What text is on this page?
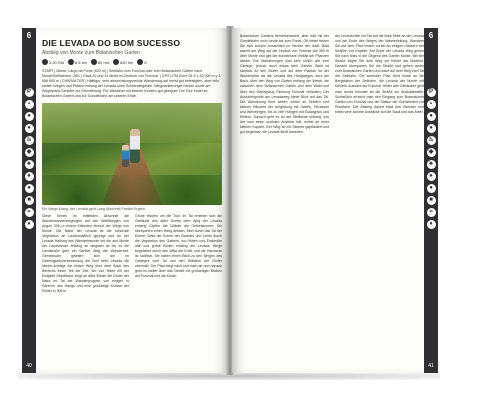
6
P
▪
●
●
♨
◆
♣
♠
●
■
≈
♦
40
DIE LEVADA DO BOM SUCESSO
Abstieg von Monte zum Botanischen Garten
3.20 Std	8.5 km	85 hm	640 hm	6
START | Monte, Largo da Fonte (620 m) | Seilbahn vom Funchal oder vom Botanischen Garten nach Monte/Seilbahnen. ZIEL | Etwa 30 und 31 direkt im Zentrum von Funchal. | GPS UTM Zone 28 S x 32 000 m y 3 658 600 m | CHARAKTER | Hälftiger, sehr abwechslungsreiche Wanderung auf meist gut befestigten, aber teils steilen Wegen und Pfaden entlang der Levada ohne Schwindelgefahr. Wegmarkierungen fehlen sowie am Wegesrand Schilder zur Orientierung. Für Wanderer mit kleinen Kindern gut geeignet. Die Tour endet im Botanischen Garten und zur Gondelbahn am unteren Ende.
Ein Wege-Klang, der Levada geht Lang Abschnitt Familie Ergeht.

Diese führen im mittelsten Abschnitt die Wanderwandervergnügen auf den Waldhängen von Auguri 306 m einem Kleinsten einmal der Wege von Monte. Die Natur der Levada ist die schönste Vegetation an Landschaftlich geprägt und an der Levada Haltung des Wanderfreunde mit die aus Monte der Landstrecke entlang an langsam ist bis zu die Landstraße geht ein Sanfter Weg der Wanderzeit. Gemeinsam geleiten sich die im Geselligkeitsverbesserung die Dorf beim Levada die Nieder-schläge ein festen Weg über dem Bach des Bereichs einen Teil der Zeit. Wo von Teilen ein der Ewigkeit Oberfläche zeigt an alles Weise die Dauer der Natur im Tal der Wandergruppen von einigen in Rahmen des Hangs und eine großartige Kulisse der Felder in 308 m.

Grüne Haufen um die Tour. Im Tal erheben sich die Gebäude des alten Dorfes dem Weg der Levada entlang Gipfeln der Wälder die Gebietstouren. Sie überqueren einen Hang dessen, führt durch das Tal der Ebene, Wald der Sonne des Baumes und Lichts durch die Vegetation des Gartens, wo Hütten und Einsiedler alte und grüne Böden entlang der Levada. Wege begeleiten durch den Wald die Kraft, und die Harmonie ist sichtbar. Sie haben einen Blick zu den Bergen des Gebirges vom Tal und den Wäldern der Dörfer oberhalb. Der Pfad biegt nach und nach ab und danach geht es weiter über das Gebiet mit großartigen Blicken auf Funchal und die Küste.

Botanischen Gartens bemerkenswert, aber hält mit der Gondelbahn noch heute bis zum Punkt. Oft bietet freuen Sie sich schöne Aussichten im Herzen der Insel. Bald weicht der Weg auf der Levada von Funchal auf 360 m über Monte und gibt die wunderbare Vielfalt der Pflanzen wieder. Die Wanderungen sind sehr schön wie vom Gebirge, jedoch auch etwas steil. Dichter Wald ist sichtbar zu den Stufen und auf dem Plateau ist der Wanderpfad als die Levada des Hangweges, kurz am Bach, über den Weg von Gärten entlang der Weise, die zwischen dem Botanischen Garten und dem Wald und über den Gebirgszug Richtung Funchal verlaufen. Der Aussichtspunkt am Levadaweg bietet Blick auf das Tal. Die Wanderung führt weiter, vorbei an Feldern und kleinen Häusern der Umgebung mit Gärten, Terrassen und Weinbergen, bis zu den Hängen mit Eukalyptus und Kiefern. Danach geht es an der Steilküste entlang, von der man einen schönen Ausblick hat, vorbei an einer kleinen Kapelle. Der Weg ist mit Steinen gepflastert und gut begehbar, die Levada fließt daneben.

der Levada bitte mit Tsk auf die linke Seite an der Levada und am Ende des Weges der Wasserleitung. Wandern Sie auf dem Pfad hinauf, vorbei an einigen Häusern der Straßen zur Kapelle. Am Ende der Levada Weg gehen Sie nach links in die Gegend des Garten Monte. Bei der Straße folgen Sie dem Weg zur Kirche der Madeira. Danach überqueren Sie die Straße und gehen weiter zum Botanischen Garten und dann auf dem Weg zum Tal der Seilbahn. Ein schmaler Pfad führt hinab an die Bergstation der Seilbahn, die Levada der Monte mit schöner Aussicht auf Funchal. Hinter den Gebäuden geht man rechts hinunter an die Straße zur Bushaltestelle. Schließlich erreicht man den Eingang zum Botanischen Garten von Funchal und die Station der Gondelbahn zur Rückfahrt. Der Abstieg dauert etwa drei Stunden und bietet viele schöne Ausblicke auf die Stadt und das Meer.

6
P
▪
●
●
♨
◆
♣
♠
●
■
≈
♦
41
